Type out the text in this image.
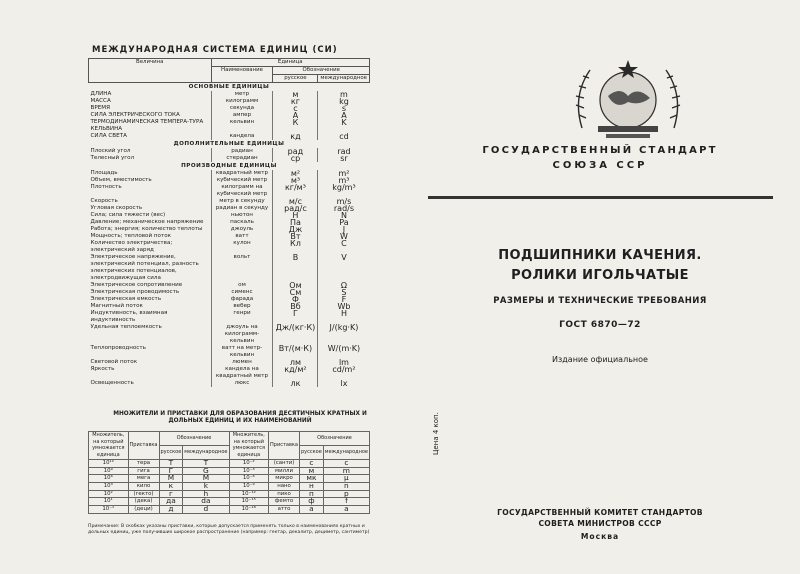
МЕЖДУНАРОДНАЯ СИСТЕМА ЕДИНИЦ (СИ)
Величина	Единица		
	Наименование	Обозначение	
		русское	международное
ОСНОВНЫЕ ЕДИНИЦЫ			
ДЛИНА	метр	м	m
МАССА	килограмм	кг	kg
ВРЕМЯ	секунда	с	s
СИЛА ЭЛЕКТРИЧЕСКОГО ТОКА	ампер	А	A
ТЕРМОДИНАМИЧЕСКАЯ ТЕМПЕРА-ТУРА КЕЛЬВИНА	кельвин	К	K
СИЛА СВЕТА	кандела	кд	cd
ДОПОЛНИТЕЛЬНЫЕ ЕДИНИЦЫ			
Плоский угол	радиан	рад	rad
Телесный угол	стерадиан	ср	sr
ПРОИЗВОДНЫЕ ЕДИНИЦЫ			
Площадь	квадратный метр	м²	m²
Объем, вместимость	кубический метр	м³	m³
Плотность	килограмм на кубический метр	кг/м³	kg/m³
Скорость	метр в секунду	м/с	m/s
Угловая скорость	радиан в секунду	рад/с	rad/s
Сила; сила тяжести (вес)	ньютон	Н	N
Давление; механическое напряжение	паскаль	Па	Pa
Работа; энергия; количество теплоты	джоуль	Дж	J
Мощность; тепловой поток	ватт	Вт	W
Количество электричества; электрический заряд	кулон	Кл	C
Электрическое напряжение, электрический потенциал, разность электрических потенциалов, электродвижущая сила	вольт	В	V
Электрическое сопротивление	ом	Ом	Ω
Электрическая проводимость	сименс	См	S
Электрическая емкость	фарада	Ф	F
Магнитный поток	вебер	Вб	Wb
Индуктивность, взаимная индуктивность	генри	Г	H
Удельная теплоемкость	джоуль на килограмм-кельвин	Дж/(кг·К)	J/(kg·K)
Теплопроводность	ватт на метр-кельвин	Вт/(м·К)	W/(m·K)
Световой поток	люмен	лм	lm
Яркость	кандела на квадратный метр	кд/м²	cd/m²
Освещенность	люкс	лк	lx
МНОЖИТЕЛИ И ПРИСТАВКИ ДЛЯ ОБРАЗОВАНИЯ ДЕСЯТИЧНЫХ КРАТНЫХ И ДОЛЬНЫХ ЕДИНИЦ И ИХ НАИМЕНОВАНИЙ
Множитель, на который умножается единица	Приставка	Обозначение		Множитель, на который умножается единица	Приставка	Обозначение	
		русское	международное			русское	международное
10¹²	тера	Т	T	10⁻²	(санти)	с	c
10⁹	гига	Г	G	10⁻³	милли	м	m
10⁶	мега	М	M	10⁻⁶	микро	мк	μ
10³	кило	к	k	10⁻⁹	нано	н	n
10²	(гекто)	г	h	10⁻¹²	пико	п	p
10¹	(дека)	да	da	10⁻¹⁵	фемто	ф	f
10⁻¹	(деци)	д	d	10⁻¹⁸	атто	а	a
Примечание: В скобках указаны приставки, которые допускается применять только в наименованиях кратных и дольных единиц, уже получивших широкое распространение (например: гектар, декалитр, дециметр, сантиметр)
Цена 4 коп.
ГОСУДАРСТВЕННЫЙ СТАНДАРТ
СОЮЗА ССР
ПОДШИПНИКИ КАЧЕНИЯ.
РОЛИКИ ИГОЛЬЧАТЫЕ
РАЗМЕРЫ И ТЕХНИЧЕСКИЕ ТРЕБОВАНИЯ
ГОСТ 6870—72
Издание официальное
ГОСУДАРСТВЕННЫЙ КОМИТЕТ СТАНДАРТОВ
СОВЕТА МИНИСТРОВ СССР
Москва
